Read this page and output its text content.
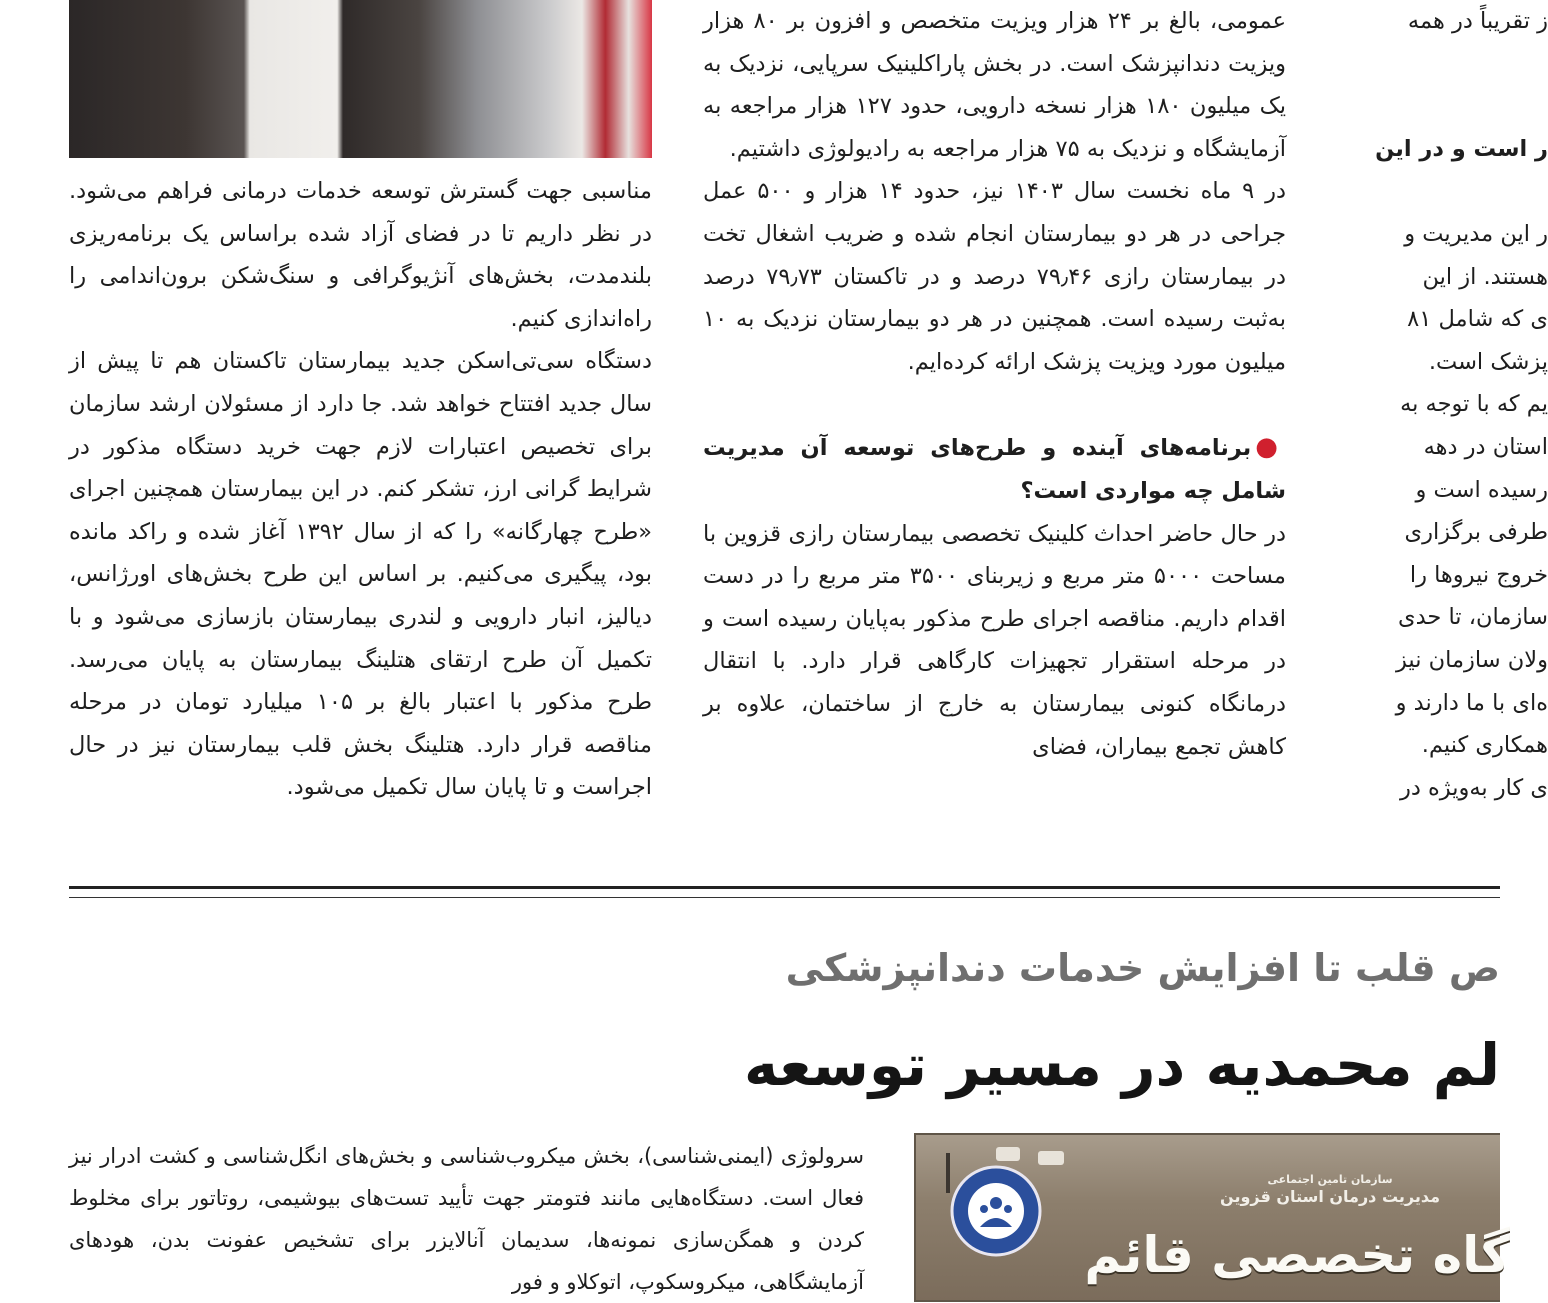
عمومی، بالغ بر ۲۴ هزار ویزیت متخصص و افزون بر ۸۰ هزار ویزیت دندانپزشک است. در بخش پاراکلینیک سرپایی، نزدیک به یک میلیون ۱۸۰ هزار نسخه دارویی، حدود ۱۲۷ هزار مراجعه به آزمایشگاه و نزدیک به ۷۵ هزار مراجعه به رادیولوژی داشتیم.

در ۹ ماه نخست سال ۱۴۰۳ نیز، حدود ۱۴ هزار و ۵۰۰ عمل جراحی در هر دو بیمارستان انجام شده و ضریب اشغال تخت در بیمارستان رازی ۷۹٫۴۶ درصد و در تاکستان ۷۹٫۷۳ درصد به‌ثبت رسیده است. همچنین در هر دو بیمارستان نزدیک به ۱۰ میلیون مورد ویزیت پزشک ارائه کرده‌ایم.

●برنامه‌های آینده و طرح‌های توسعه آن مدیریت شامل چه مواردی است؟

در حال حاضر احداث کلینیک تخصصی بیمارستان رازی قزوین با مساحت ۵۰۰۰ متر مربع و زیربنای ۳۵۰۰ متر مربع را در دست اقدام داریم. مناقصه اجرای طرح مذکور به‌پایان رسیده است و در مرحله استقرار تجهیزات کارگاهی قرار دارد. با انتقال درمانگاه کنونی بیمارستان به خارج از ساختمان، علاوه بر کاهش تجمع بیماران، فضای

ز تقریباً در همه
ر است و در این
ر این مدیریت و
هستند. از این
ی که شامل ۸۱
پزشک است.
یم که با توجه به
استان در دهه
رسیده است و
طرفی برگزاری
خروج نیروها را
سازمان، تا حدی
ولان سازمان نیز
ه‌ای با ما دارند و
همکاری کنیم.
ی کار به‌ویژه در

مناسبی جهت گسترش توسعه خدمات درمانی فراهم می‌شود. در نظر داریم تا در فضای آزاد شده براساس یک برنامه‌ریزی بلندمدت، بخش‌های آنژیوگرافی و سنگ‌شکن برون‌اندامی را راه‌اندازی کنیم.

دستگاه سی‌تی‌اسکن جدید بیمارستان تاکستان هم تا پیش از سال جدید افتتاح خواهد شد. جا دارد از مسئولان ارشد سازمان برای تخصیص اعتبارات لازم جهت خرید دستگاه مذکور در شرایط گرانی ارز، تشکر کنم. در این بیمارستان همچنین اجرای «طرح چهارگانه» را که از سال ۱۳۹۲ آغاز شده و راکد مانده بود، پیگیری می‌کنیم. بر اساس این طرح بخش‌های اورژانس، دیالیز، انبار دارویی و لندری بیمارستان بازسازی می‌شود و با تکمیل آن طرح ارتقای هتلینگ بیمارستان به پایان می‌رسد. طرح مذکور با اعتبار بالغ بر ۱۰۵ میلیارد تومان در مرحله مناقصه قرار دارد. هتلینگ بخش قلب بیمارستان نیز در حال اجراست و تا پایان سال تکمیل می‌شود.

ص قلب تا افزایش خدمات دندانپزشکی
لم محمدیه در مسیر توسعه

سرولوژی (ایمنی‌شناسی)، بخش میکروب‌شناسی و بخش‌های انگل‌شناسی و کشت ادرار نیز فعال است. دستگاه‌هایی مانند فتومتر جهت تأیید تست‌های بیوشیمی، روتاتور برای مخلوط کردن و همگن‌سازی نمونه‌ها، سدیمان آنالایزر برای تشخیص عفونت بدن، هودهای آزمایشگاهی، میکروسکوپ، اتوکلاو و فور

سازمان تامین اجتماعی
مدیریت درمان استان قزوین
گاه تخصصی قائم
